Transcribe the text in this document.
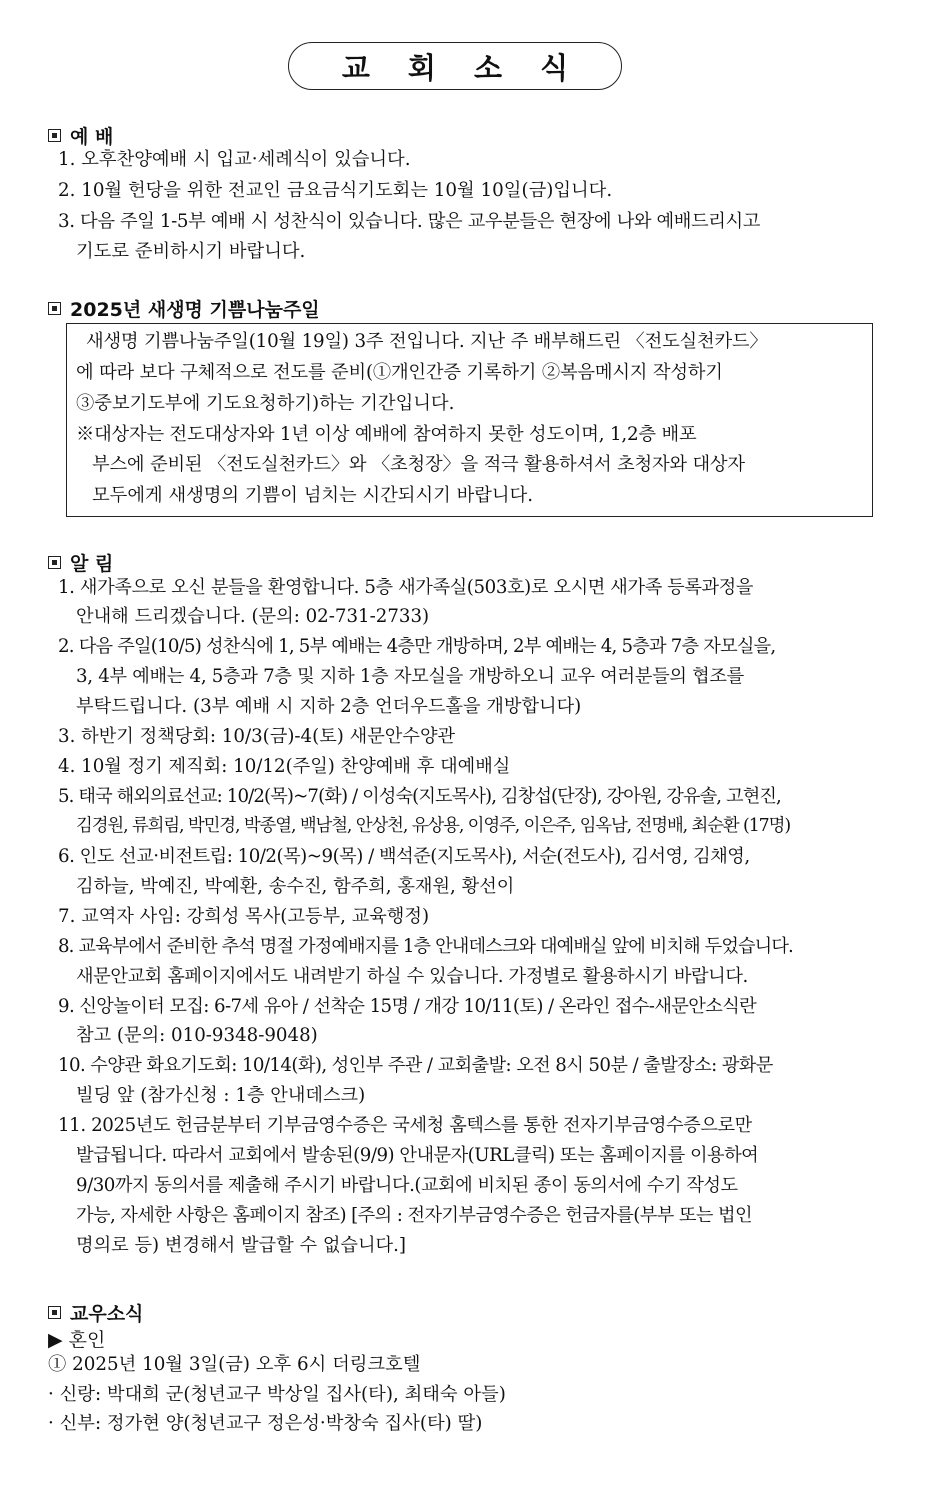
교 회 소 식
예 배
1. 오후찬양예배 시 입교·세례식이 있습니다.
2. 10월 헌당을 위한 전교인 금요금식기도회는 10월 10일(금)입니다.
3. 다음 주일 1-5부 예배 시 성찬식이 있습니다. 많은 교우분들은 현장에 나와 예배드리시고
기도로 준비하시기 바랍니다.
2025년 새생명 기쁨나눔주일
새생명 기쁨나눔주일(10월 19일) 3주 전입니다. 지난 주 배부해드린 〈전도실천카드〉
에 따라 보다 구체적으로 전도를 준비(①개인간증 기록하기 ②복음메시지 작성하기
③중보기도부에 기도요청하기)하는 기간입니다.
※대상자는 전도대상자와 1년 이상 예배에 참여하지 못한 성도이며, 1,2층 배포
부스에 준비된 〈전도실천카드〉와 〈초청장〉을 적극 활용하셔서 초청자와 대상자
모두에게 새생명의 기쁨이 넘치는 시간되시기 바랍니다.
알 림
1. 새가족으로 오신 분들을 환영합니다. 5층 새가족실(503호)로 오시면 새가족 등록과정을
안내해 드리겠습니다. (문의: 02-731-2733)
2. 다음 주일(10/5) 성찬식에 1, 5부 예배는 4층만 개방하며, 2부 예배는 4, 5층과 7층 자모실을,
3, 4부 예배는 4, 5층과 7층 및 지하 1층 자모실을 개방하오니 교우 여러분들의 협조를
부탁드립니다. (3부 예배 시 지하 2층 언더우드홀을 개방합니다)
3. 하반기 정책당회: 10/3(금)-4(토) 새문안수양관
4. 10월 정기 제직회: 10/12(주일) 찬양예배 후 대예배실
5. 태국 해외의료선교: 10/2(목)~7(화) / 이성숙(지도목사), 김창섭(단장), 강아원, 강유솔, 고현진,
김경원, 류희림, 박민경, 박종열, 백남철, 안상천, 유상용, 이영주, 이은주, 임옥남, 전명배, 최순환 (17명)
6. 인도 선교·비전트립: 10/2(목)~9(목) / 백석준(지도목사), 서순(전도사), 김서영, 김채영,
김하늘, 박예진, 박예환, 송수진, 함주희, 홍재원, 황선이
7. 교역자 사임: 강희성 목사(고등부, 교육행정)
8. 교육부에서 준비한 추석 명절 가정예배지를 1층 안내데스크와 대예배실 앞에 비치해 두었습니다.
새문안교회 홈페이지에서도 내려받기 하실 수 있습니다. 가정별로 활용하시기 바랍니다.
9. 신앙놀이터 모집: 6-7세 유아 / 선착순 15명 / 개강 10/11(토) / 온라인 접수-새문안소식란
참고 (문의: 010-9348-9048)
10. 수양관 화요기도회: 10/14(화), 성인부 주관 / 교회출발: 오전 8시 50분 / 출발장소: 광화문
빌딩 앞 (참가신청 : 1층 안내데스크)
11. 2025년도 헌금분부터 기부금영수증은 국세청 홈텍스를 통한 전자기부금영수증으로만
발급됩니다. 따라서 교회에서 발송된(9/9) 안내문자(URL클릭) 또는 홈페이지를 이용하여
9/30까지 동의서를 제출해 주시기 바랍니다.(교회에 비치된 종이 동의서에 수기 작성도
가능, 자세한 사항은 홈페이지 참조) [주의 : 전자기부금영수증은 헌금자를(부부 또는 법인
명의로 등) 변경해서 발급할 수 없습니다.]
교우소식
▶ 혼인
① 2025년 10월 3일(금) 오후 6시 더링크호텔
· 신랑: 박대희 군(청년교구 박상일 집사(타), 최태숙 아들)
· 신부: 정가현 양(청년교구 정은성·박창숙 집사(타) 딸)
